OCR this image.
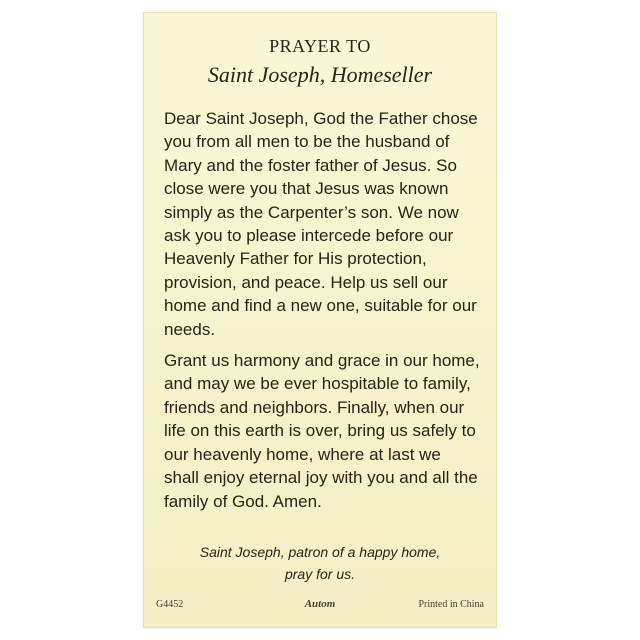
PRAYER TO
Saint Joseph, Homeseller

Dear Saint Joseph, God the Father chose you from all men to be the husband of Mary and the foster father of Jesus. So close were you that Jesus was known simply as the Carpenter’s son. We now ask you to please intercede before our Heavenly Father for His protection, provision, and peace. Help us sell our home and find a new one, suitable for our needs.

Grant us harmony and grace in our home, and may we be ever hospitable to family, friends and neighbors. Finally, when our life on this earth is over, bring us safely to our heavenly home, where at last we shall enjoy eternal joy with you and all the family of God. Amen.

Saint Joseph, patron of a happy home,
pray for us.
G4452	Autom	Printed in China
